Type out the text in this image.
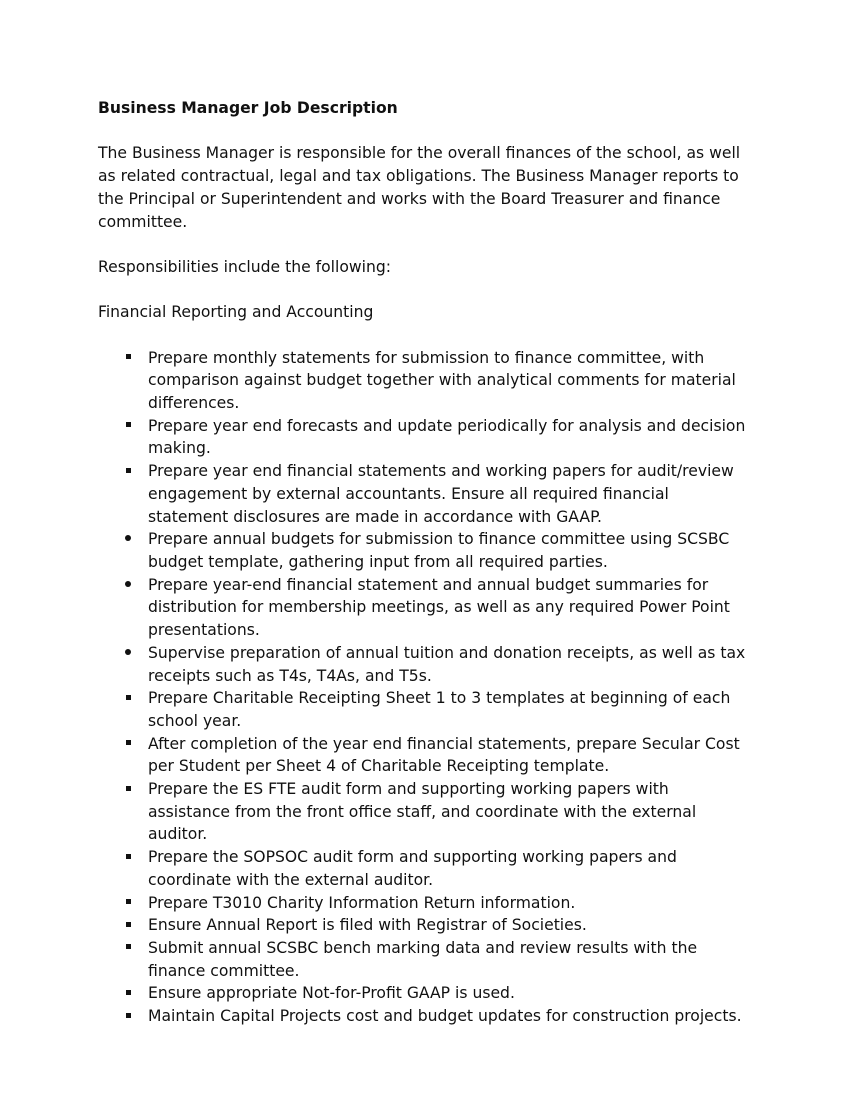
Business Manager Job Description
The Business Manager is responsible for the overall finances of the school, as well as related contractual, legal and tax obligations. The Business Manager reports to the Principal or Superintendent and works with the Board Treasurer and finance committee.
Responsibilities include the following:
Financial Reporting and Accounting
Prepare monthly statements for submission to finance committee, with comparison against budget together with analytical comments for material differences.
Prepare year end forecasts and update periodically for analysis and decision making.
Prepare year end financial statements and working papers for audit/review engagement by external accountants. Ensure all required financial statement disclosures are made in accordance with GAAP.
Prepare annual budgets for submission to finance committee using SCSBC budget template, gathering input from all required parties.
Prepare year-end financial statement and annual budget summaries for distribution for membership meetings, as well as any required Power Point presentations.
Supervise preparation of annual tuition and donation receipts, as well as tax receipts such as T4s, T4As, and T5s.
Prepare Charitable Receipting Sheet 1 to 3 templates at beginning of each school year.
After completion of the year end financial statements, prepare Secular Cost per Student per Sheet 4 of Charitable Receipting template.
Prepare the ES FTE audit form and supporting working papers with assistance from the front office staff, and coordinate with the external auditor.
Prepare the SOPSOC audit form and supporting working papers and coordinate with the external auditor.
Prepare T3010 Charity Information Return information.
Ensure Annual Report is filed with Registrar of Societies.
Submit annual SCSBC bench marking data and review results with the finance committee.
Ensure appropriate Not-for-Profit GAAP is used.
Maintain Capital Projects cost and budget updates for construction projects.
